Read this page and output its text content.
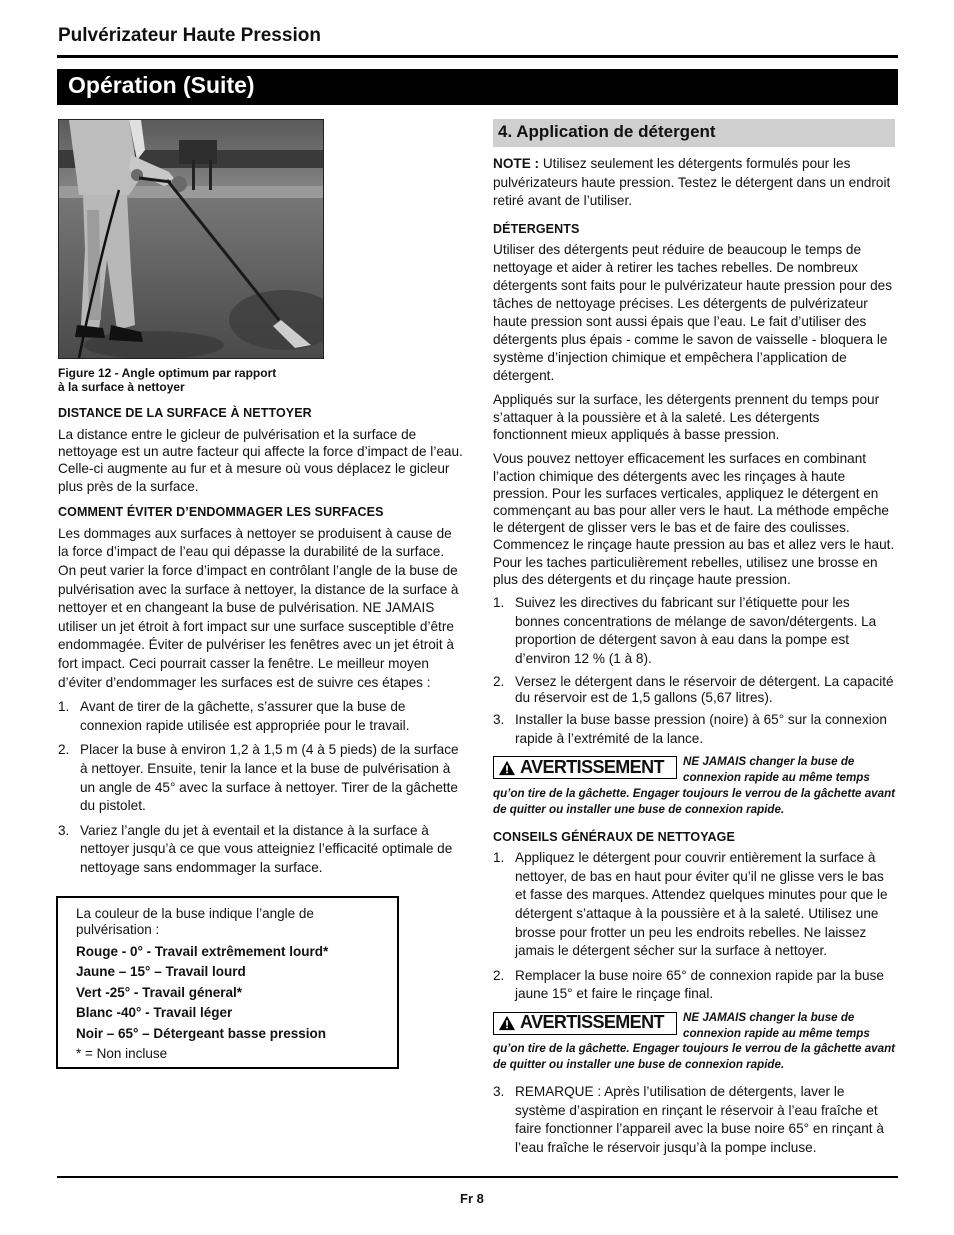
Pulvérizateur Haute Pression
Opération (Suite)
Figure 12 - Angle optimum par rapport
à la surface à nettoyer
DISTANCE DE LA SURFACE À NETTOYER

La distance entre le gicleur de pulvérisation et la surface de nettoyage est un autre facteur qui affecte la force d’impact de l’eau. Celle-ci augmente au fur et à mesure où vous déplacez le gicleur plus près de la surface.

COMMENT ÉVITER D’ENDOMMAGER LES SURFACES

Les dommages aux surfaces à nettoyer se produisent à cause de la force d’impact de l’eau qui dépasse la durabilité de la surface. On peut varier la force d’impact en contrôlant l’angle de la buse de pulvérisation avec la surface à nettoyer, la distance de la surface à nettoyer et en changeant la buse de pulvérisation. NE JAMAIS utiliser un jet étroit à fort impact sur une surface susceptible d’être endommagée. Éviter de pulvériser les fenêtres avec un jet étroit à fort impact. Ceci pourrait casser la fenêtre. Le meilleur moyen d’éviter d’endommager les surfaces est de suivre ces étapes :

1. Avant de tirer de la gâchette, s’assurer que la buse de connexion rapide utilisée est appropriée pour le travail.
2. Placer la buse à environ 1,2 à 1,5 m (4 à 5 pieds) de la surface à nettoyer. Ensuite, tenir la lance et la buse de pulvérisation à un angle de 45° avec la surface à nettoyer. Tirer de la gâchette du pistolet.
3. Variez l’angle du jet à eventail et la distance à la surface à nettoyer jusqu’à ce que vous atteigniez l’efficacité optimale de nettoyage sans endommager la surface.
La couleur de la buse indique l’angle de pulvérisation :
Rouge - 0° - Travail extrêmement lourd*
Jaune – 15° – Travail lourd
Vert -25° - Travail géneral*
Blanc -40° - Travail léger
Noir – 65° – Détergeant basse pression
* = Non incluse
4. Application de détergent

NOTE : Utilisez seulement les détergents formulés pour les pulvérizateurs haute pression. Testez le détergent dans un endroit retiré avant de l’utiliser.

DÉTERGENTS

Utiliser des détergents peut réduire de beaucoup le temps de nettoyage et aider à retirer les taches rebelles. De nombreux détergents sont faits pour le pulvérizateur haute pression pour des tâches de nettoyage précises. Les détergents de pulvérizateur haute pression sont aussi épais que l’eau. Le fait d’utiliser des détergents plus épais - comme le savon de vaisselle - bloquera le système d’injection chimique et empêchera l’application de détergent.

Appliqués sur la surface, les détergents prennent du temps pour s’attaquer à la poussière et à la saleté. Les détergents fonctionnent mieux appliqués à basse pression.

Vous pouvez nettoyer efficacement les surfaces en combinant l’action chimique des détergents avec les rinçages à haute pression. Pour les surfaces verticales, appliquez le détergent en commençant au bas pour aller vers le haut. La méthode empêche le détergent de glisser vers le bas et de faire des coulisses. Commencez le rinçage haute pression au bas et allez vers le haut. Pour les taches particulièrement rebelles, utilisez une brosse en plus des détergents et du rinçage haute pression.

1. Suivez les directives du fabricant sur l’étiquette pour les bonnes concentrations de mélange de savon/détergents. La proportion de détergent savon à eau dans la pompe est d’environ 12 % (1 à 8).
2. Versez le détergent dans le réservoir de détergent. La capacité du réservoir est de 1,5 gallons (5,67 litres).
3. Installer la buse basse pression (noire) à 65° sur la connexion rapide à l’extrémité de la lance.
AVERTISSEMENT NE JAMAIS changer la buse de connexion rapide au même temps qu’on tire de la gâchette. Engager toujours le verrou de la gâchette avant de quitter ou installer une buse de connexion rapide.
CONSEILS GÉNÉRAUX DE NETTOYAGE
1. Appliquez le détergent pour couvrir entièrement la surface à nettoyer, de bas en haut pour éviter qu’il ne glisse vers le bas et fasse des marques. Attendez quelques minutes pour que le détergent s’attaque à la poussière et à la saleté. Utilisez une brosse pour frotter un peu les endroits rebelles. Ne laissez jamais le détergent sécher sur la surface à nettoyer.
2. Remplacer la buse noire 65° de connexion rapide par la buse jaune 15° et faire le rinçage final.
AVERTISSEMENT NE JAMAIS changer la buse de connexion rapide au même temps qu’on tire de la gâchette. Engager toujours le verrou de la gâchette avant de quitter ou installer une buse de connexion rapide.
3. REMARQUE : Après l’utilisation de détergents, laver le système d’aspiration en rinçant le réservoir à l’eau fraîche et faire fonctionner l’appareil avec la buse noire 65° en rinçant à l’eau fraîche le réservoir jusqu’à la pompe incluse.
Fr 8
